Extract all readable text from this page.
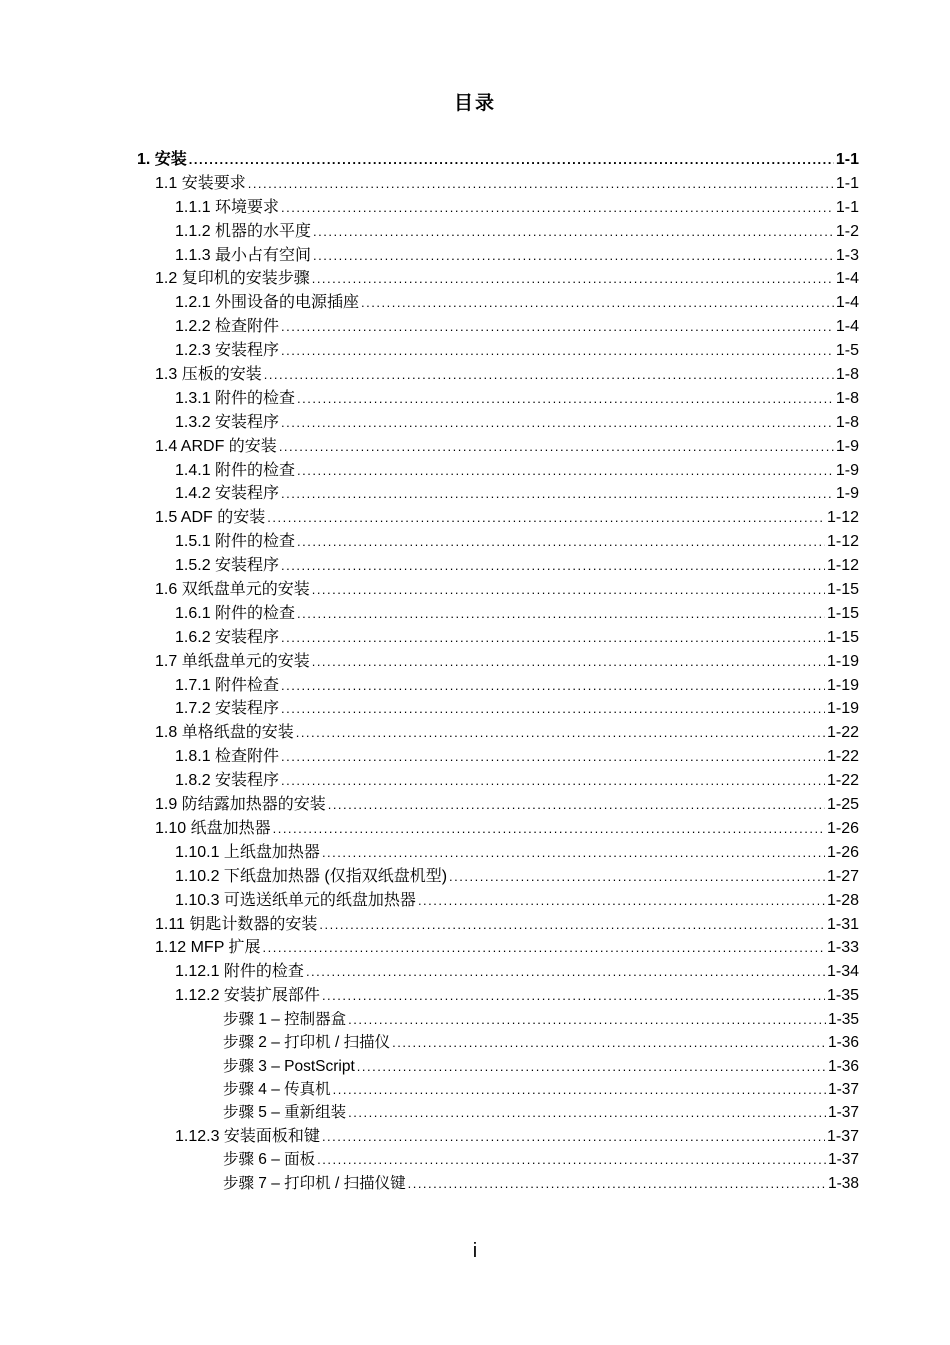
目录
1. 安装 .....	1-1
1.1 安装要求 .....	1-1
1.1.1 环境要求 .....	1-1
1.1.2 机器的水平度 .....	1-2
1.1.3 最小占有空间 .....	1-3
1.2 复印机的安装步骤 .....	1-4
1.2.1 外围设备的电源插座 .....	1-4
1.2.2 检查附件 .....	1-4
1.2.3 安装程序 .....	1-5
1.3 压板的安装 .....	1-8
1.3.1 附件的检查 .....	1-8
1.3.2 安装程序 .....	1-8
1.4 ARDF 的安装 .....	1-9
1.4.1 附件的检查 .....	1-9
1.4.2 安装程序 .....	1-9
1.5 ADF 的安装 .....	1-12
1.5.1 附件的检查 .....	1-12
1.5.2 安装程序 .....	1-12
1.6 双纸盘单元的安装 .....	1-15
1.6.1 附件的检查 .....	1-15
1.6.2 安装程序 .....	1-15
1.7 单纸盘单元的安装 .....	1-19
1.7.1 附件检查 .....	1-19
1.7.2 安装程序 .....	1-19
1.8 单格纸盘的安装 .....	1-22
1.8.1 检查附件 .....	1-22
1.8.2 安装程序 .....	1-22
1.9 防结露加热器的安装 .....	1-25
1.10 纸盘加热器 .....	1-26
1.10.1 上纸盘加热器 .....	1-26
1.10.2 下纸盘加热器 (仅指双纸盘机型) .....	1-27
1.10.3 可选送纸单元的纸盘加热器 .....	1-28
1.11 钥匙计数器的安装 .....	1-31
1.12 MFP 扩展 .....	1-33
1.12.1 附件的检查 .....	1-34
1.12.2 安装扩展部件 .....	1-35
步骤 1 – 控制器盒 .....	1-35
步骤 2 – 打印机 / 扫描仪 .....	1-36
步骤 3 – PostScript .....	1-36
步骤 4 – 传真机 .....	1-37
步骤 5 – 重新组装 .....	1-37
1.12.3 安装面板和键 .....	1-37
步骤 6 – 面板 .....	1-37
步骤 7 – 打印机 / 扫描仪键 .....	1-38
i
